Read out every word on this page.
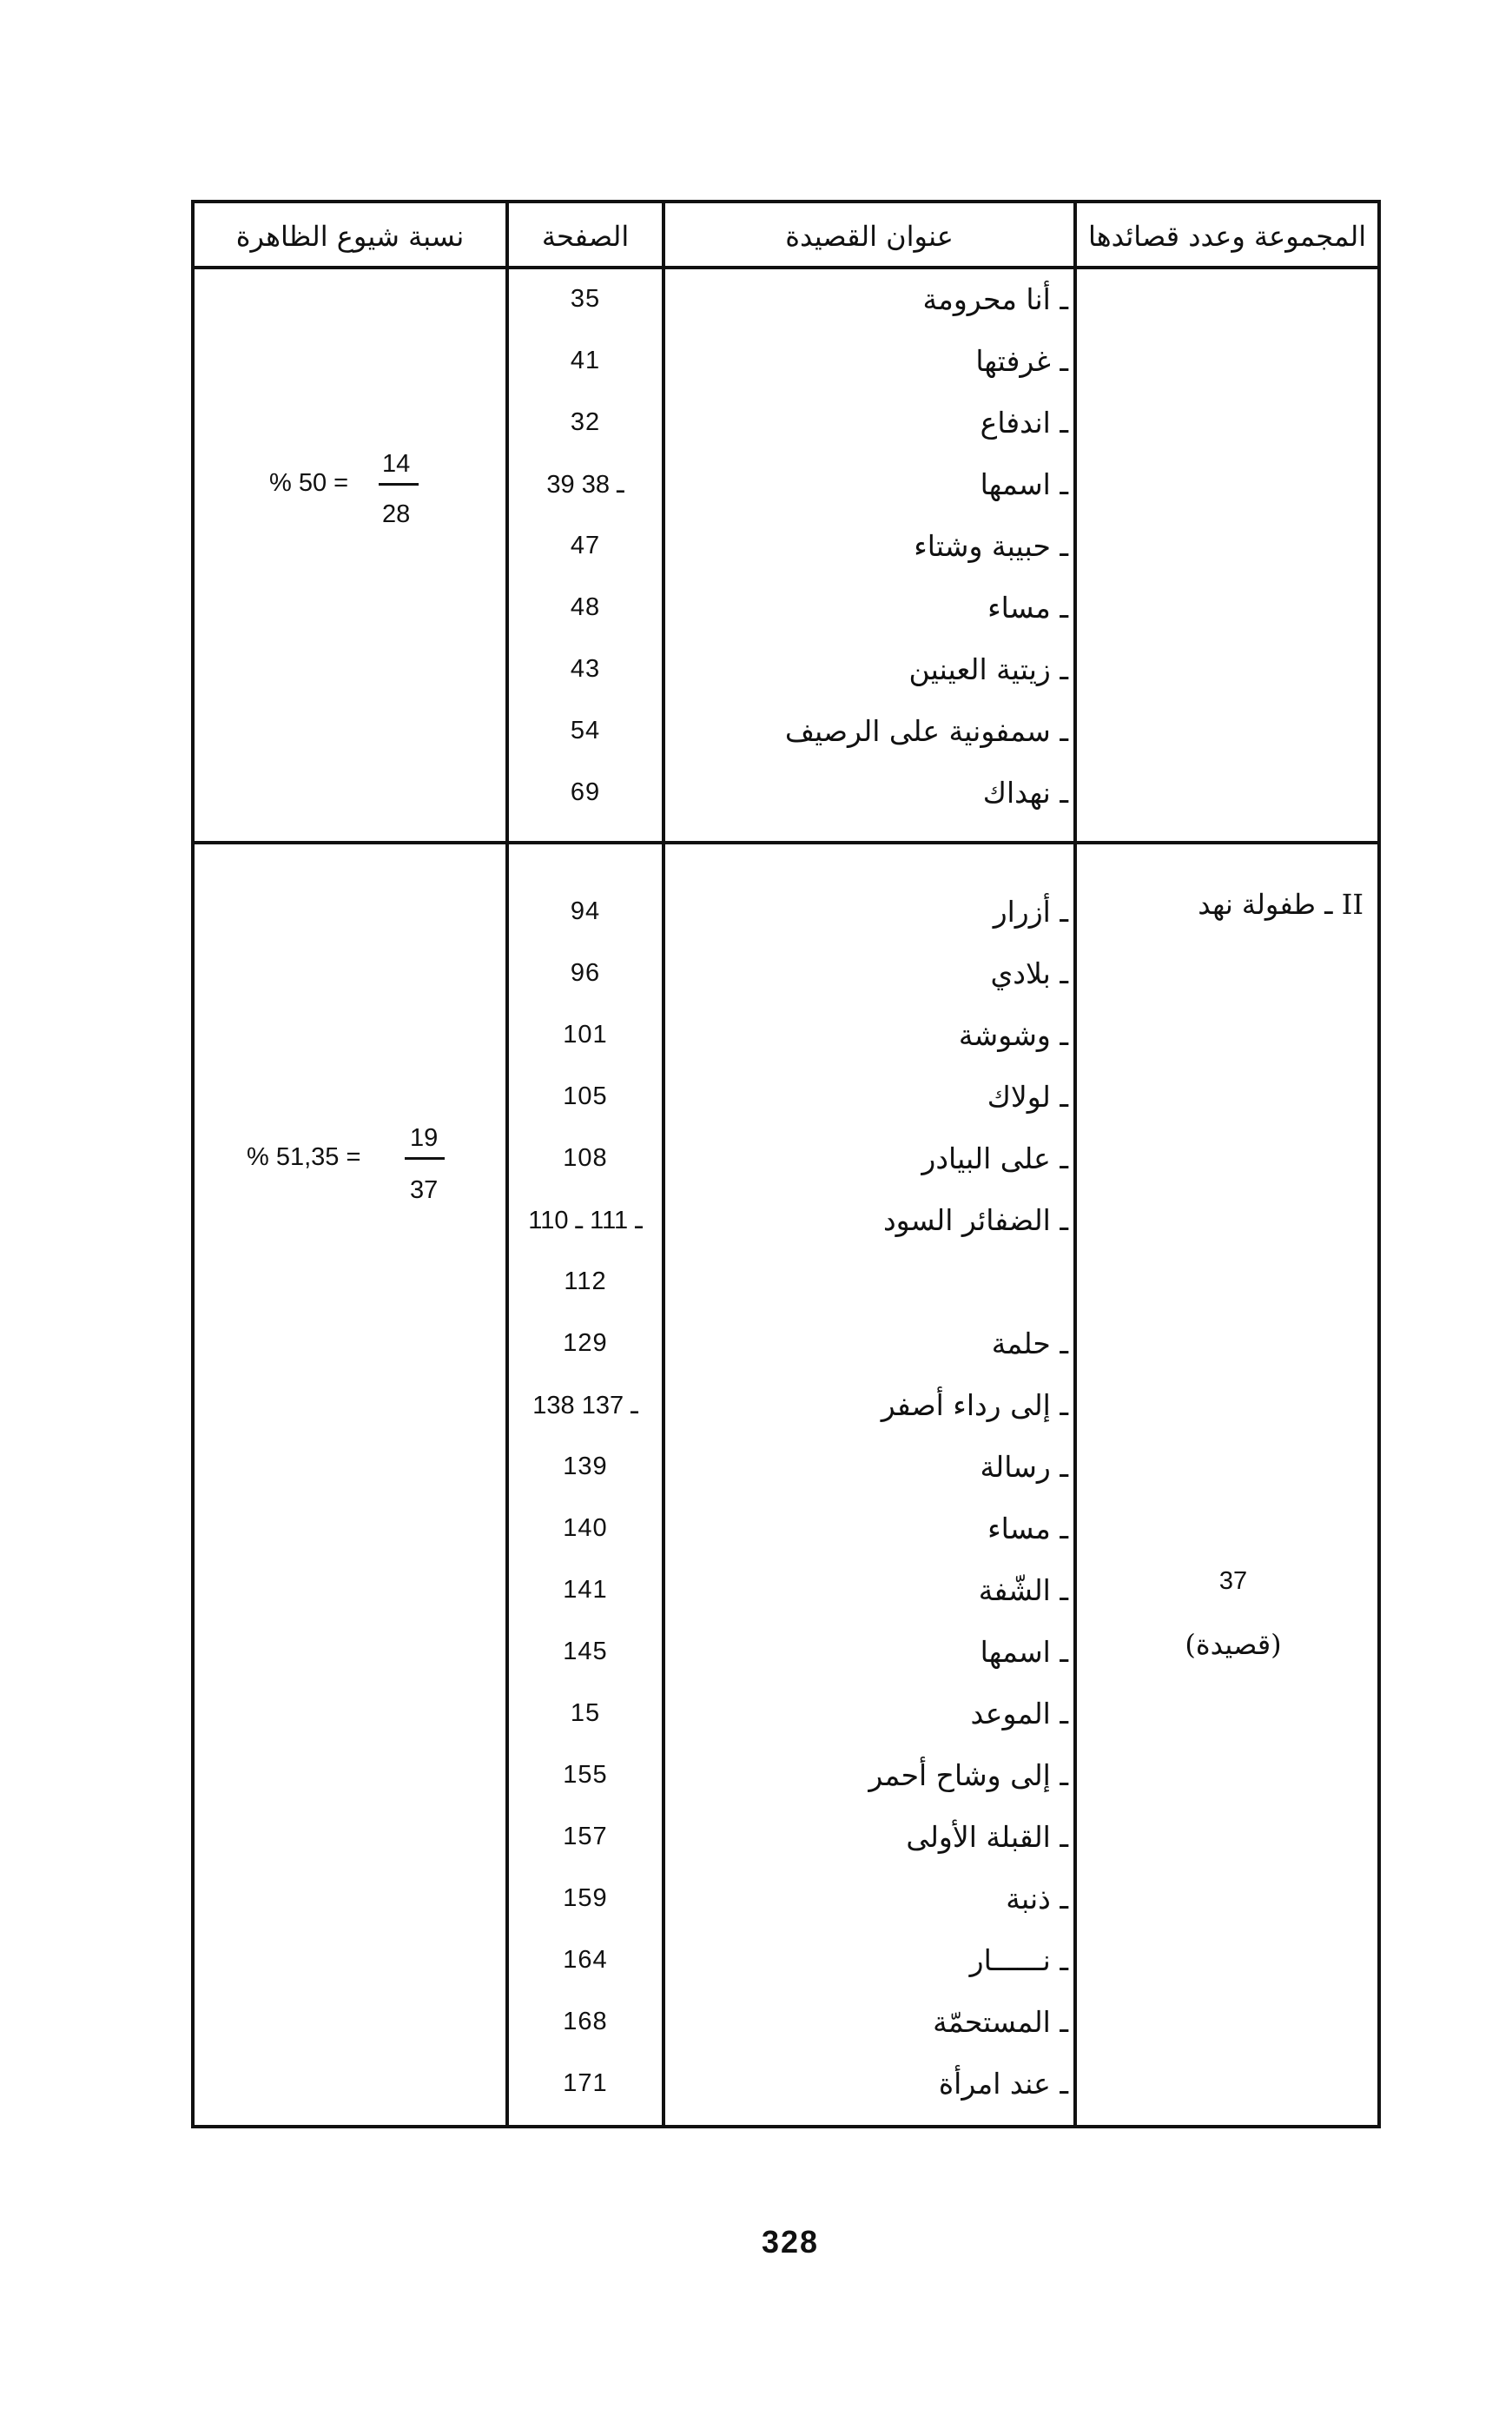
المجموعة وعدد قصائدها
عنوان القصيدة
الصفحة
نسبة شيوع الظاهرة
ـ أنا محرومة
35
ـ غرفتها
41
ـ اندفاع
32
ـ اسمها
39 ـ 38
ـ حبيبة وشتاء
47
ـ مساء
48
ـ زيتية العينين
43
ـ سمفونية على الرصيف
54
ـ نهداك
69
% 50 =
14
28
II ـ طفولة نهد
37
(قصيدة)
ـ أزرار
94
ـ بلادي
96
ـ وشوشة
101
ـ لولاك
105
ـ على البيادر
108
ـ الضفائر السود
ـ 111 ـ 110
112
ـ حلمة
129
ـ إلى رداء أصفر
138 ـ 137
ـ رسالة
139
ـ مساء
140
ـ الشّفة
141
ـ اسمها
145
ـ الموعد
15
ـ إلى وشاح أحمر
155
ـ القبلة الأولى
157
ـ ذنبة
159
ـ نــــــار
164
ـ المستحمّة
168
ـ عند امرأة
171
% 51,35 =
19
37
328
